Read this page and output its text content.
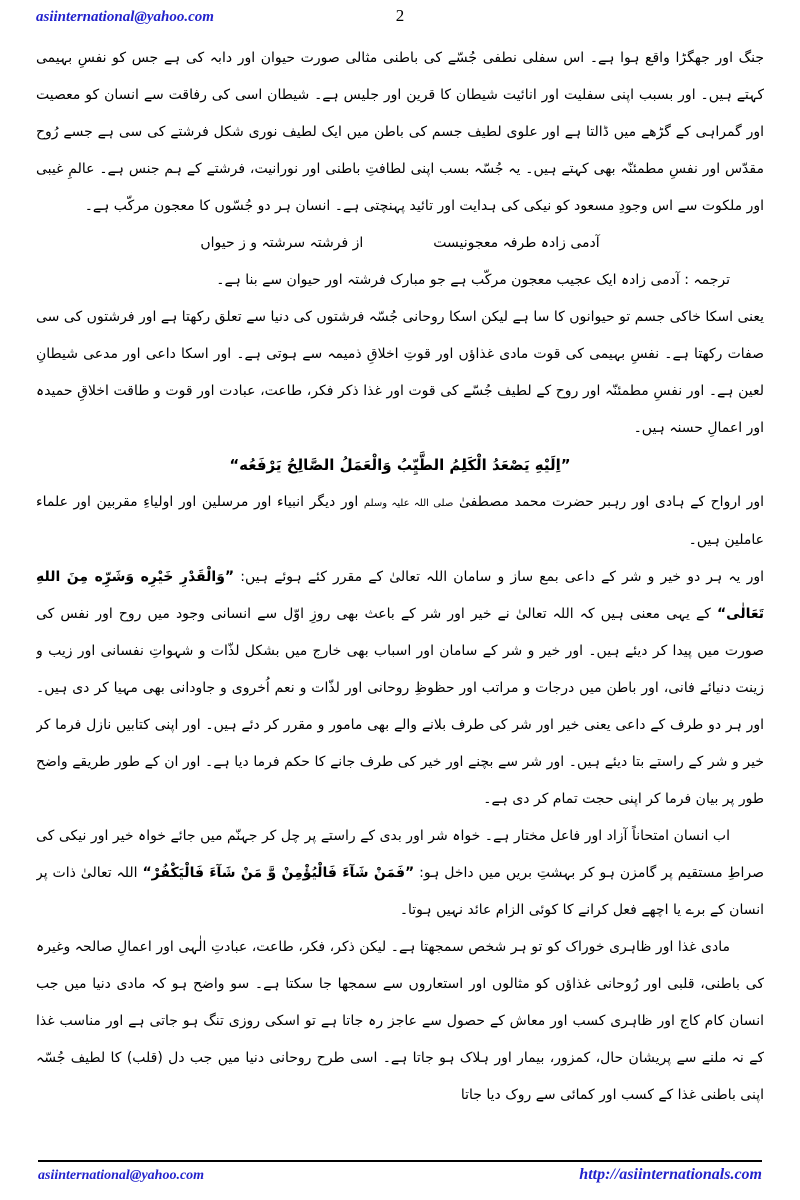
asiinternational@yahoo.com	2

جنگ اور جھگڑا واقع ہوا ہے۔ اس سفلی نطفی جُسّے کی باطنی مثالی صورت حیوان اور دابہ کی ہے جس کو نفسِ بہیمی کہتے ہیں۔ اور بسبب اپنی سفلیت اور انائیت شیطان کا قرین اور جلیس ہے۔ شیطان اسی کی رفاقت سے انسان کو معصیت اور گمراہی کے گڑھے میں ڈالتا ہے اور علوی لطیف جسم کی باطن میں ایک لطیف نوری شکل فرشتے کی سی ہے جسے رُوح مقدّس اور نفسِ مطمئنّہ بھی کہتے ہیں۔ یہ جُسّہ بسب اپنی لطافتِ باطنی اور نورانیت، فرشتے کے ہم جنس ہے۔ عالمِ غیبی اور ملکوت سے اس وجودِ مسعود کو نیکی کی ہدایت اور تائید پہنچتی ہے۔ انسان ہر دو جُسّوں کا معجون مرکّب ہے۔

آدمی زادہ طرفہ معجونیست
از فرشتہ سرشتہ و ز حیواں

ترجمہ : آدمی زادہ ایک عجیب معجون مرکّب ہے جو مبارک فرشتہ اور حیوان سے بنا ہے۔

یعنی اسکا خاکی جسم تو حیوانوں کا سا ہے لیکن اسکا روحانی جُسّہ فرشتوں کی دنیا سے تعلق رکھتا ہے اور فرشتوں کی سی صفات رکھتا ہے۔ نفسِ بہیمی کی قوت مادی غذاؤں اور قوتِ اخلاقِ ذمیمہ سے ہوتی ہے۔ اور اسکا داعی اور مدعی شیطانِ لعین ہے۔ اور نفسِ مطمئنّہ اور روح کے لطیف جُسّے کی قوت اور غذا ذکر فکر، طاعت، عبادت اور قوت و طاقت اخلاقِ حمیدہ اور اعمالِ حسنہ ہیں۔

”اِلَيْهِ يَصْعَدُ الْكَلِمُ الطَّيِّبُ وَالْعَمَلُ الصَّالِحُ يَرْفَعُه“

اور ارواح کے ہادی اور رہبر حضرت محمد مصطفیٰ صلی اللہ علیہ وسلم اور دیگر انبیاء اور مرسلین اور اولیاءِ مقربین اور علماء عاملین ہیں۔

اور یہ ہر دو خیر و شر کے داعی بمع ساز و سامان اللہ تعالیٰ کے مقرر کئے ہوئے ہیں: ”وَالْقَدْرِ خَيْرِه وَشَرِّه مِنَ اللهِ تَعَالٰی“ کے یہی معنی ہیں کہ اللہ تعالیٰ نے خیر اور شر کے باعث بھی روزِ اوّل سے انسانی وجود میں روح اور نفس کی صورت میں پیدا کر دیئے ہیں۔ اور خیر و شر کے سامان اور اسباب بھی خارج میں بشکل لذّات و شہواتِ نفسانی اور زیب و زینت دنیائے فانی، اور باطن میں درجات و مراتب اور حظوظِ روحانی اور لذّات و نعم اُخروی و جاودانی بھی مہیا کر دی ہیں۔ اور ہر دو طرف کے داعی یعنی خیر اور شر کی طرف بلانے والے بھی مامور و مقرر کر دئے ہیں۔ اور اپنی کتابیں نازل فرما کر خیر و شر کے راستے بتا دیئے ہیں۔ اور شر سے بچنے اور خیر کی طرف جانے کا حکم فرما دیا ہے۔ اور ان کے طور طریقے واضح طور پر بیان فرما کر اپنی حجت تمام کر دی ہے۔

اب انسان امتحاناً آزاد اور فاعل مختار ہے۔ خواہ شر اور بدی کے راستے پر چل کر جہنّم میں جائے خواہ خیر اور نیکی کی صراطِ مستقیم پر گامزن ہو کر بہشتِ بریں میں داخل ہو: ”فَمَنْ شَآءَ فَالْيُؤْمِنْ وَّ مَنْ شَآءَ فَالْيَكْفُرْ“ اللہ تعالیٰ ذات پر انسان کے برے یا اچھے فعل کرانے کا کوئی الزام عائد نہیں ہوتا۔

مادی غذا اور ظاہری خوراک کو تو ہر شخص سمجھتا ہے۔ لیکن ذکر، فکر، طاعت، عبادتِ الٰہی اور اعمالِ صالحہ وغیرہ کی باطنی، قلبی اور رُوحانی غذاؤں کو مثالوں اور استعاروں سے سمجھا جا سکتا ہے۔ سو واضح ہو کہ مادی دنیا میں جب انسان کام کاج اور ظاہری کسب اور معاش کے حصول سے عاجز رہ جاتا ہے تو اسکی روزی تنگ ہو جاتی ہے اور مناسب غذا کے نہ ملنے سے پریشان حال، کمزور، بیمار اور ہلاک ہو جاتا ہے۔ اسی طرح روحانی دنیا میں جب دل (قلب) کا لطیف جُسّہ اپنی باطنی غذا کے کسب اور کمائی سے روک دیا جاتا

asiinternational@yahoo.com	http://asiinternationals.com
